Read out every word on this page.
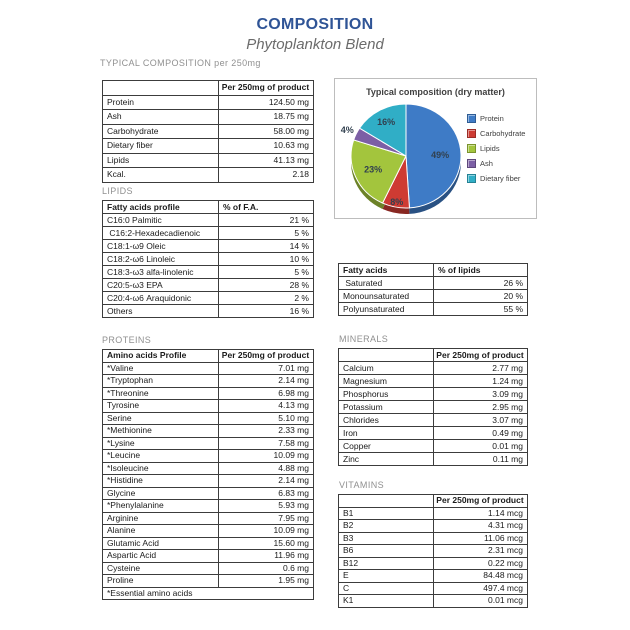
COMPOSITION
Phytoplankton Blend
TYPICAL COMPOSITION per 250mg
	Per 250mg of product
Protein	124.50 mg
Ash	18.75 mg
Carbohydrate	58.00 mg
Dietary fiber	10.63 mg
Lipids	41.13 mg
Kcal.	2.18
LIPIDS
Fatty acids profile	% of F.A.
C16:0 Palmitic	21 %
C16:2-Hexadecadienoic	5 %
C18:1-ω9 Oleic	14 %
C18:2-ω6 Linoleic	10 %
C18:3-ω3 alfa-linolenic	5 %
C20:5-ω3 EPA	28 %
C20:4-ω6 Araquidonic	2 %
Others	16 %
PROTEINS
Amino acids Profile	Per 250mg of product
*Valine	7.01 mg
*Tryptophan	2.14 mg
*Threonine	6.98 mg
Tyrosine	4.13 mg
Serine	5.10 mg
*Methionine	2.33 mg
*Lysine	7.58 mg
*Leucine	10.09 mg
*Isoleucine	4.88 mg
*Histidine	2.14 mg
Glycine	6.83 mg
*Phenylalanine	5.93 mg
Arginine	7.95 mg
Alanine	10.09 mg
Glutamic Acid	15.60 mg
Aspartic Acid	11.96 mg
Cysteine	0.6 mg
Proline	1.95 mg
*Essential amino acids	
49%
8%
23%
4%
16%
Typical composition (dry matter)
Protein
Carbohydrate
Lipids
Ash
Dietary fiber
Fatty acids	% of lipids
Saturated	26 %
Monounsaturated	20 %
Polyunsaturated	55 %
MINERALS
	Per 250mg of product
Calcium	2.77 mg
Magnesium	1.24 mg
Phosphorus	3.09 mg
Potassium	2.95 mg
Chlorides	3.07 mg
Iron	0.49 mg
Copper	0.01 mg
Zinc	0.11 mg
VITAMINS
	Per 250mg of product
B1	1.14 mcg
B2	4.31 mcg
B3	11.06 mcg
B6	2.31 mcg
B12	0.22 mcg
E	84.48 mcg
C	497.4 mcg
K1	0.01 mcg
